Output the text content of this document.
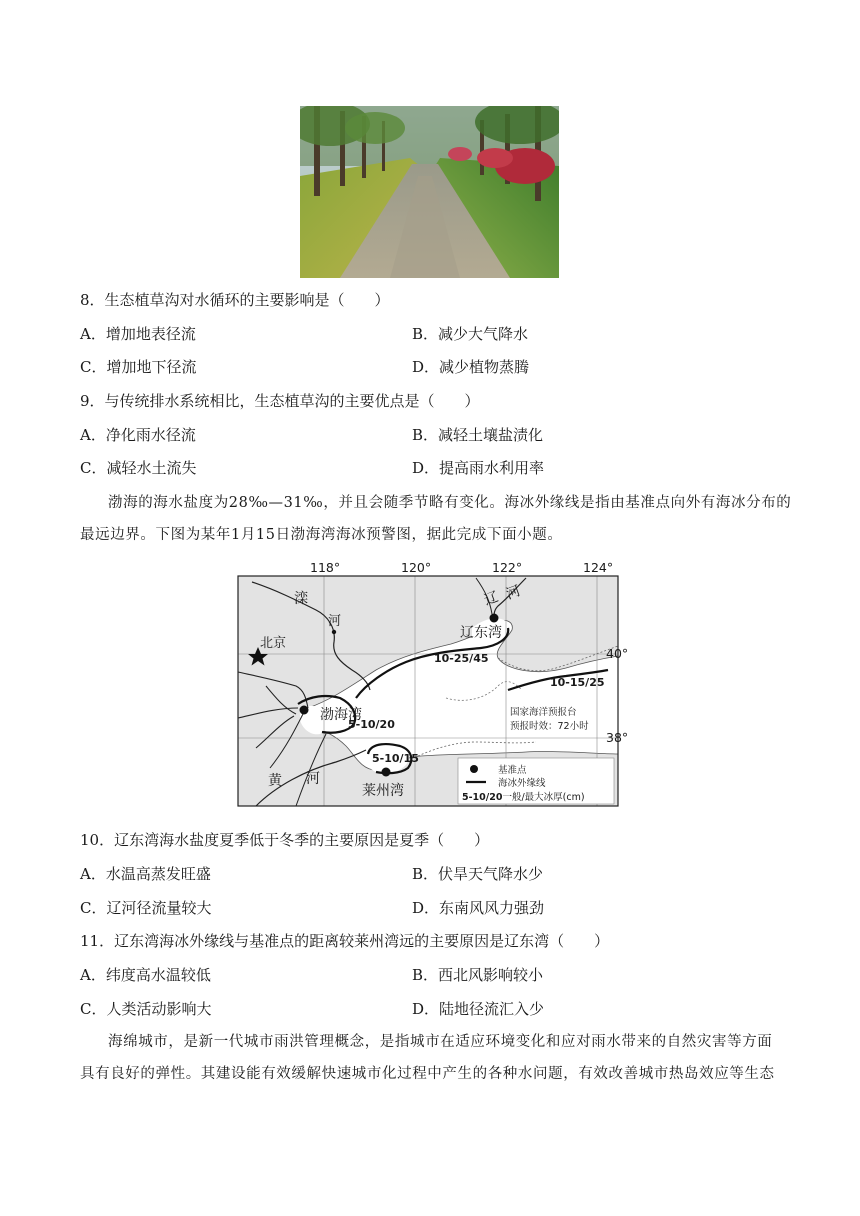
8．生态植草沟对水循环的主要影响是（　　）
A．增加地表径流	B．减少大气降水
C．增加地下径流	D．减少植物蒸腾
9．与传统排水系统相比，生态植草沟的主要优点是（　　）
A．净化雨水径流	B．减轻土壤盐渍化
C．减轻水土流失	D．提高雨水利用率
渤海的海水盐度为28‰—31‰，并且会随季节略有变化。海冰外缘线是指由基准点向外有海冰分布的
最远边界。下图为某年1月15日渤海湾海冰预警图，据此完成下面小题。
118°	120°	122°	124°
40°
38°
北京
滦
河
辽 河
辽东湾
渤海湾
莱州湾
黄 河
10-25/45
10-15/25
5-10/20
5-10/15
国家海洋预报台
预报时效：72小时
基准点
海冰外缘线
5-10/20一般/最大冰厚(cm)
10．辽东湾海水盐度夏季低于冬季的主要原因是夏季（　　）
A．水温高蒸发旺盛	B．伏旱天气降水少
C．辽河径流量较大	D．东南风风力强劲
11．辽东湾海冰外缘线与基准点的距离较莱州湾远的主要原因是辽东湾（　　）
A．纬度高水温较低	B．西北风影响较小
C．人类活动影响大	D．陆地径流汇入少
海绵城市，是新一代城市雨洪管理概念，是指城市在适应环境变化和应对雨水带来的自然灾害等方面
具有良好的弹性。其建设能有效缓解快速城市化过程中产生的各种水问题，有效改善城市热岛效应等生态
